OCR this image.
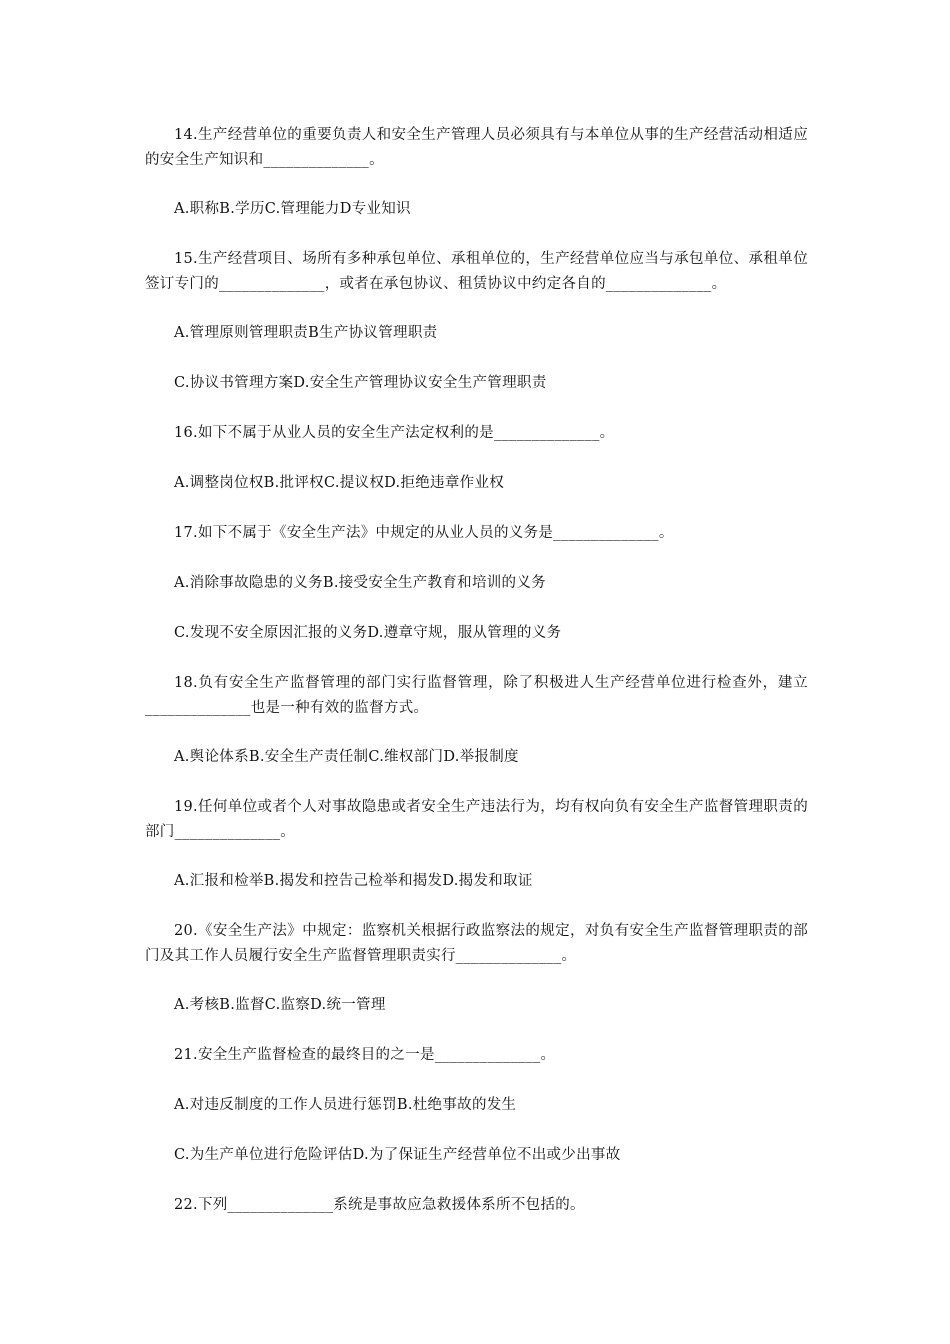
14.生产经营单位的重要负责人和安全生产管理人员必须具有与本单位从事的生产经营活动相适应的安全生产知识和______________。

A.职称B.学历C.管理能力D专业知识

15.生产经营项目、场所有多种承包单位、承租单位的，生产经营单位应当与承包单位、承租单位签订专门的______________，或者在承包协议、租赁协议中约定各自的______________。

A.管理原则管理职责B生产协议管理职责

C.协议书管理方案D.安全生产管理协议安全生产管理职责

16.如下不属于从业人员的安全生产法定权利的是______________。

A.调整岗位权B.批评权C.提议权D.拒绝违章作业权

17.如下不属于《安全生产法》中规定的从业人员的义务是______________。

A.消除事故隐患的义务B.接受安全生产教育和培训的义务

C.发现不安全原因汇报的义务D.遵章守规，服从管理的义务

18.负有安全生产监督管理的部门实行监督管理，除了积极进人生产经营单位进行检查外，建立______________也是一种有效的监督方式。

A.舆论体系B.安全生产责任制C.维权部门D.举报制度

19.任何单位或者个人对事故隐患或者安全生产违法行为，均有权向负有安全生产监督管理职责的部门______________。

A.汇报和检举B.揭发和控告己检举和揭发D.揭发和取证

20.《安全生产法》中规定：监察机关根据行政监察法的规定，对负有安全生产监督管理职责的部门及其工作人员履行安全生产监督管理职责实行______________。

A.考核B.监督C.监察D.统一管理

21.安全生产监督检查的最终目的之一是______________。

A.对违反制度的工作人员进行惩罚B.杜绝事故的发生

C.为生产单位进行危险评估D.为了保证生产经营单位不出或少出事故

22.下列______________系统是事故应急救援体系所不包括的。
